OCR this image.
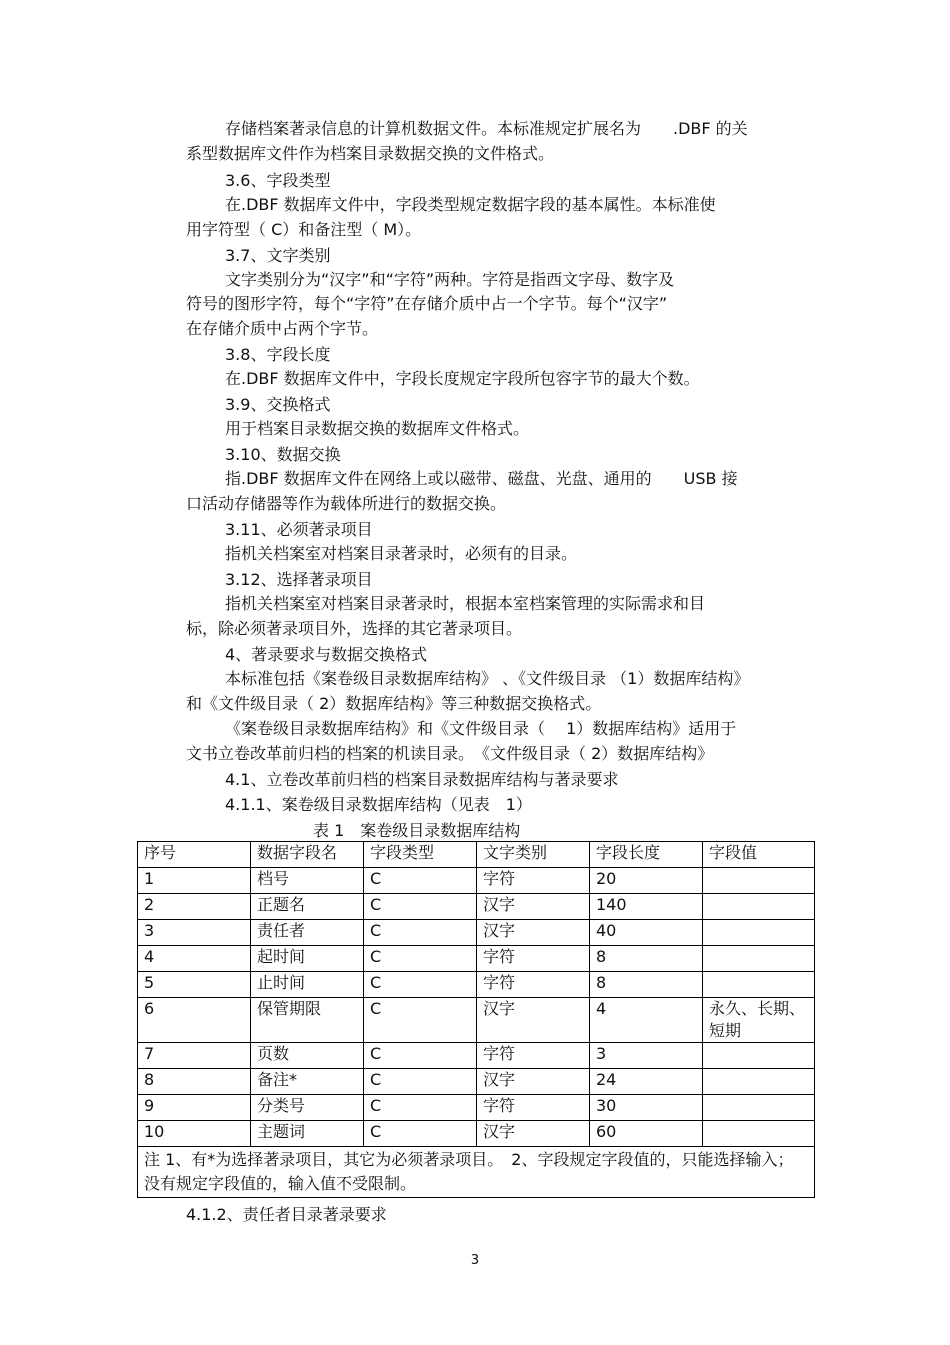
存储档案著录信息的计算机数据文件。本标准规定扩展名为　　.DBF 的关
系型数据库文件作为档案目录数据交换的文件格式。
3.6、字段类型
在.DBF 数据库文件中，字段类型规定数据字段的基本属性。本标准使
用字符型（ C）和备注型（ M）。
3.7、文字类别
文字类别分为“汉字”和“字符”两种。字符是指西文字母、数字及
符号的图形字符，每个“字符”在存储介质中占一个字节。每个“汉字”
在存储介质中占两个字节。
3.8、字段长度
在.DBF 数据库文件中，字段长度规定字段所包容字节的最大个数。
3.9、交换格式
用于档案目录数据交换的数据库文件格式。
3.10、数据交换
指.DBF 数据库文件在网络上或以磁带、磁盘、光盘、通用的　　USB 接
口活动存储器等作为载体所进行的数据交换。
3.11、必须著录项目
指机关档案室对档案目录著录时，必须有的目录。
3.12、选择著录项目
指机关档案室对档案目录著录时，根据本室档案管理的实际需求和目
标，除必须著录项目外，选择的其它著录项目。
4、著录要求与数据交换格式
本标准包括《案卷级目录数据库结构》 、《文件级目录 （1）数据库结构》
和《文件级目录（ 2）数据库结构》等三种数据交换格式。
《案卷级目录数据库结构》和《文件级目录（　 1）数据库结构》适用于
文书立卷改革前归档的档案的机读目录。　《文件级目录（ 2）数据库结构》
4.1、立卷改革前归档的档案目录数据库结构与著录要求
4.1.1、案卷级目录数据库结构（见表　1）
表 1　案卷级目录数据库结构
序号	数据字段名	字段类型	文字类别	字段长度	字段值
1	档号	C	字符	20	
2	正题名	C	汉字	140	
3	责任者	C	汉字	40	
4	起时间	C	字符	8	
5	止时间	C	字符	8	
6	保管期限	C	汉字	4	永久、长期、短期
7	页数	C	字符	3	
8	备注*	C	汉字	24	
9	分类号	C	字符	30	
10	主题词	C	汉字	60	
注 1、有*为选择著录项目，其它为必须著录项目。　2、字段规定字段值的，只能选择输入；没有规定字段值的，输入值不受限制。					
4.1.2、责任者目录著录要求
3
